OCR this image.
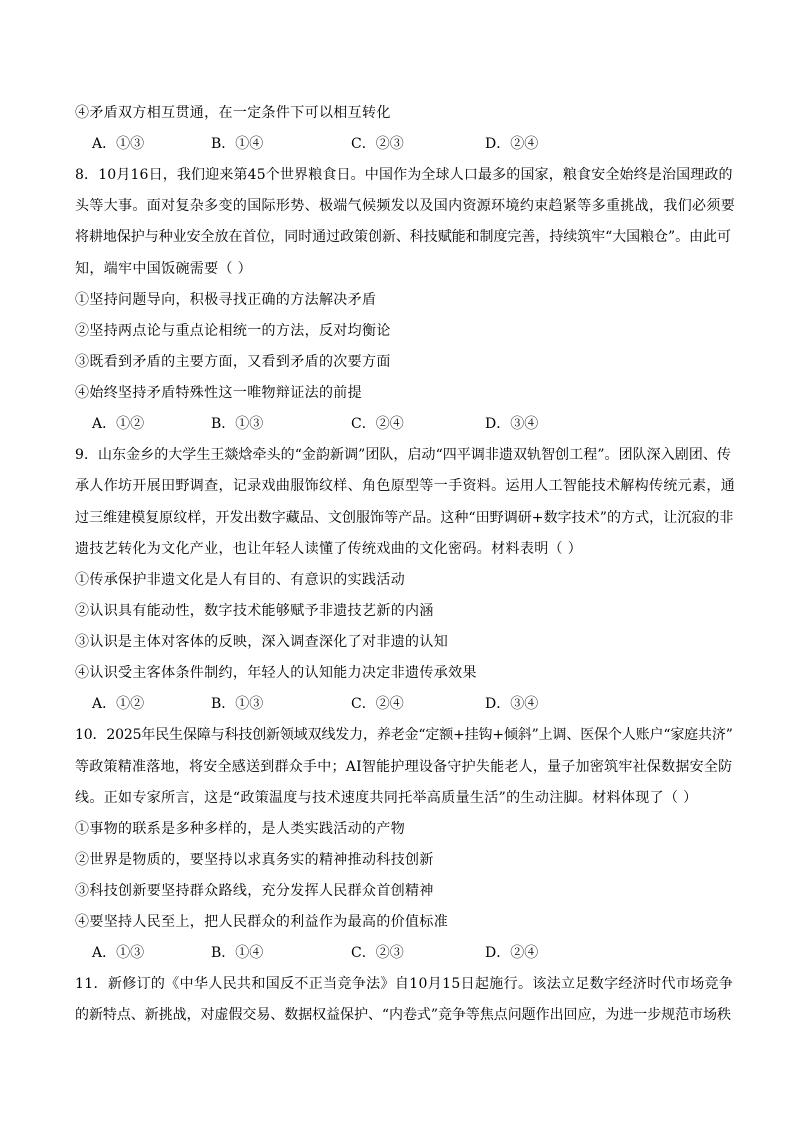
④矛盾双方相互贯通，在一定条件下可以相互转化
A．①③	B．①④	C．②③	D．②④
8．10月16日，我们迎来第45个世界粮食日。中国作为全球人口最多的国家，粮食安全始终是治国理政的
头等大事。面对复杂多变的国际形势、极端气候频发以及国内资源环境约束趋紧等多重挑战，我们必须要
将耕地保护与种业安全放在首位，同时通过政策创新、科技赋能和制度完善，持续筑牢“大国粮仓”。由此可
知，端牢中国饭碗需要（ ）
①坚持问题导向，积极寻找正确的方法解决矛盾
②坚持两点论与重点论相统一的方法，反对均衡论
③既看到矛盾的主要方面，又看到矛盾的次要方面
④始终坚持矛盾特殊性这一唯物辩证法的前提
A．①②	B．①③	C．②④	D．③④
9．山东金乡的大学生王燚焓牵头的“金韵新调”团队，启动“四平调非遗双轨智创工程”。团队深入剧团、传
承人作坊开展田野调查，记录戏曲服饰纹样、角色原型等一手资料。运用人工智能技术解构传统元素，通
过三维建模复原纹样，开发出数字藏品、文创服饰等产品。这种“田野调研+数字技术”的方式，让沉寂的非
遗技艺转化为文化产业，也让年轻人读懂了传统戏曲的文化密码。材料表明（ ）
①传承保护非遗文化是人有目的、有意识的实践活动
②认识具有能动性，数字技术能够赋予非遗技艺新的内涵
③认识是主体对客体的反映，深入调查深化了对非遗的认知
④认识受主客体条件制约，年轻人的认知能力决定非遗传承效果
A．①②	B．①③	C．②④	D．③④
10．2025年民生保障与科技创新领域双线发力，养老金“定额+挂钩+倾斜”上调、医保个人账户“家庭共济”
等政策精准落地，将安全感送到群众手中；AI智能护理设备守护失能老人，量子加密筑牢社保数据安全防
线。正如专家所言，这是“政策温度与技术速度共同托举高质量生活”的生动注脚。材料体现了（ ）
①事物的联系是多种多样的，是人类实践活动的产物
②世界是物质的，要坚持以求真务实的精神推动科技创新
③科技创新要坚持群众路线，充分发挥人民群众首创精神
④要坚持人民至上，把人民群众的利益作为最高的价值标准
A．①③	B．①④	C．②③	D．②④
11．新修订的《中华人民共和国反不正当竞争法》自10月15日起施行。该法立足数字经济时代市场竞争
的新特点、新挑战，对虚假交易、数据权益保护、“内卷式”竞争等焦点问题作出回应，为进一步规范市场秩
